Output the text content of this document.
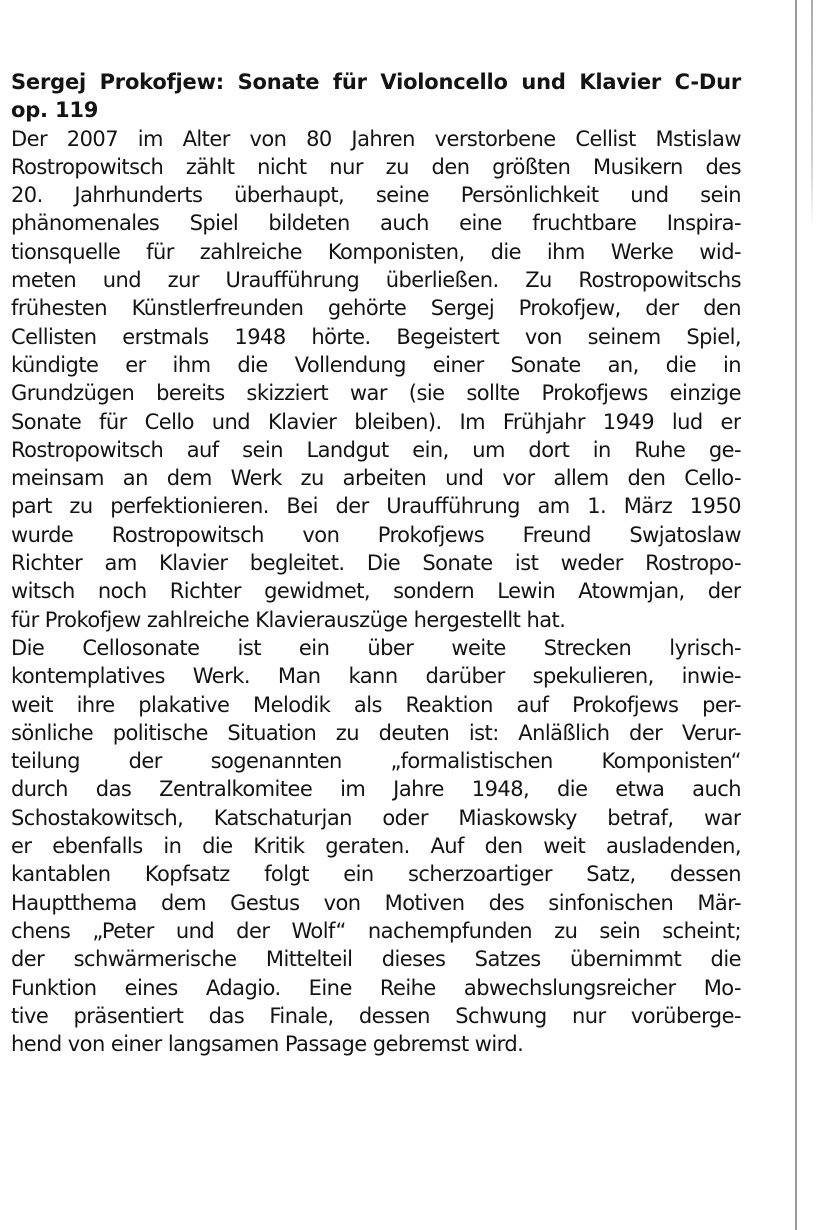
Sergej Prokofjew: Sonate für Violoncello und Klavier C-Dur
op. 119
Der 2007 im Alter von 80 Jahren verstorbene Cellist Mstislaw
Rostropowitsch zählt nicht nur zu den größten Musikern des
20. Jahrhunderts überhaupt, seine Persönlichkeit und sein
phänomenales Spiel bildeten auch eine fruchtbare Inspira-
tionsquelle für zahlreiche Komponisten, die ihm Werke wid-
meten und zur Uraufführung überließen. Zu Rostropowitschs
frühesten Künstlerfreunden gehörte Sergej Prokofjew, der den
Cellisten erstmals 1948 hörte. Begeistert von seinem Spiel,
kündigte er ihm die Vollendung einer Sonate an, die in
Grundzügen bereits skizziert war (sie sollte Prokofjews einzige
Sonate für Cello und Klavier bleiben). Im Frühjahr 1949 lud er
Rostropowitsch auf sein Landgut ein, um dort in Ruhe ge-
meinsam an dem Werk zu arbeiten und vor allem den Cello-
part zu perfektionieren. Bei der Uraufführung am 1. März 1950
wurde Rostropowitsch von Prokofjews Freund Swjatoslaw
Richter am Klavier begleitet. Die Sonate ist weder Rostropo-
witsch noch Richter gewidmet, sondern Lewin Atowmjan, der
für Prokofjew zahlreiche Klavierauszüge hergestellt hat.
Die Cellosonate ist ein über weite Strecken lyrisch-
kontemplatives Werk. Man kann darüber spekulieren, inwie-
weit ihre plakative Melodik als Reaktion auf Prokofjews per-
sönliche politische Situation zu deuten ist: Anläßlich der Verur-
teilung der sogenannten „formalistischen Komponisten“
durch das Zentralkomitee im Jahre 1948, die etwa auch
Schostakowitsch, Katschaturjan oder Miaskowsky betraf, war
er ebenfalls in die Kritik geraten. Auf den weit ausladenden,
kantablen Kopfsatz folgt ein scherzoartiger Satz, dessen
Hauptthema dem Gestus von Motiven des sinfonischen Mär-
chens „Peter und der Wolf“ nachempfunden zu sein scheint;
der schwärmerische Mittelteil dieses Satzes übernimmt die
Funktion eines Adagio. Eine Reihe abwechslungsreicher Mo-
tive präsentiert das Finale, dessen Schwung nur vorüberge-
hend von einer langsamen Passage gebremst wird.
